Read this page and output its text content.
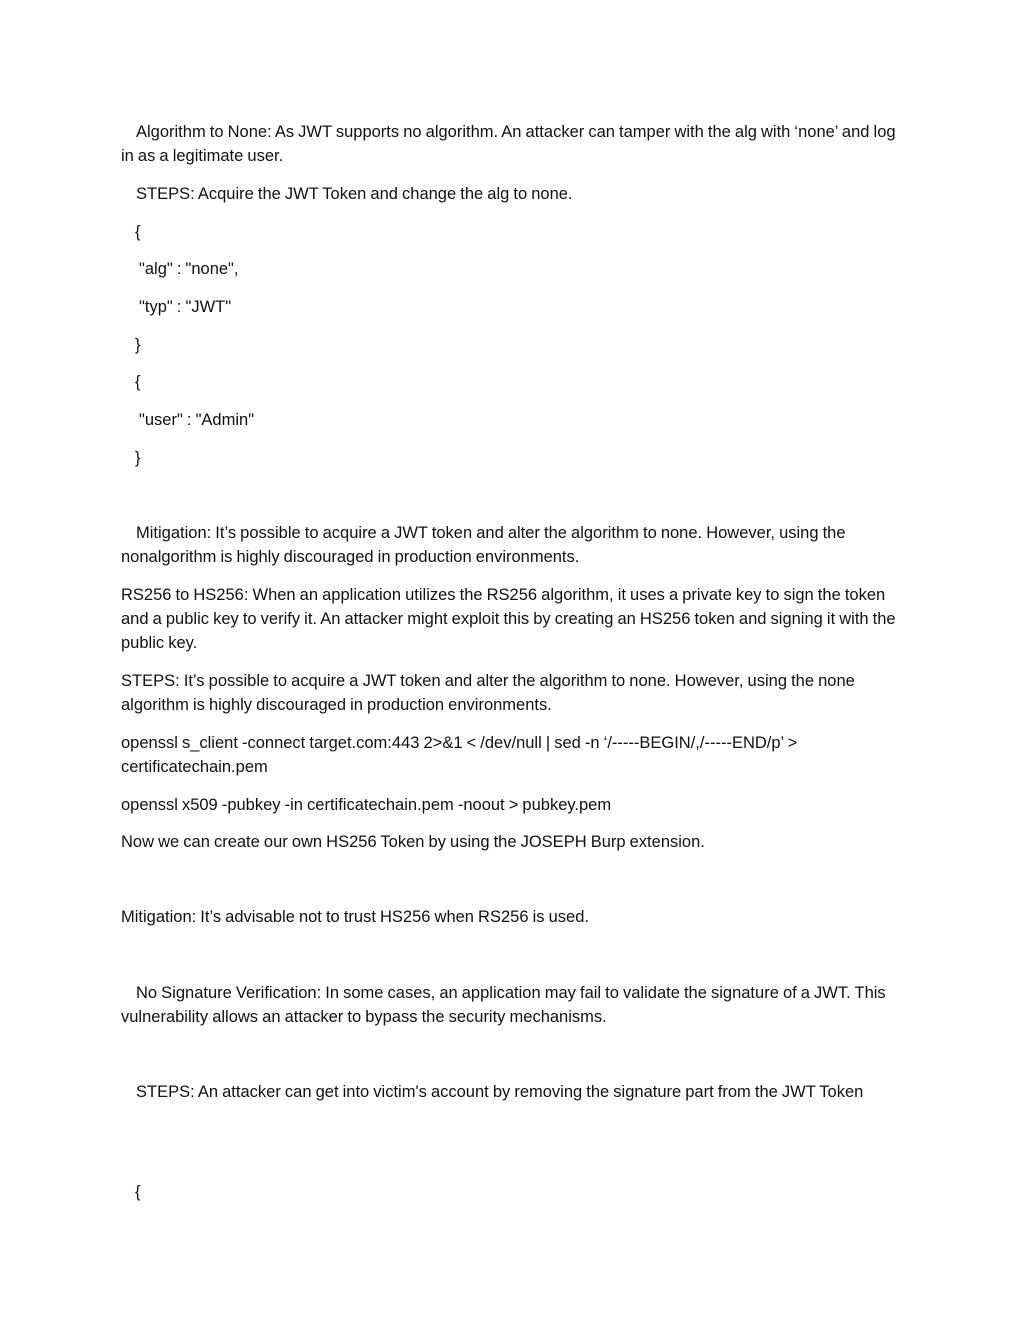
Algorithm to None: As JWT supports no algorithm. An attacker can tamper with the alg with ‘none’ and log in as a legitimate user.

STEPS: Acquire the JWT Token and change the alg to none.

{

"alg" : "none",

"typ" : "JWT"

}

{

"user" : "Admin"

}

Mitigation: It’s possible to acquire a JWT token and alter the algorithm to none. However, using the nonalgorithm is highly discouraged in production environments.

RS256 to HS256: When an application utilizes the RS256 algorithm, it uses a private key to sign the token and a public key to verify it. An attacker might exploit this by creating an HS256 token and signing it with the public key.

STEPS: It’s possible to acquire a JWT token and alter the algorithm to none. However, using the none algorithm is highly discouraged in production environments.

openssl s_client -connect target.com:443 2>&1 < /dev/null | sed -n ‘/-----BEGIN/,/-----END/p’ > certificatechain.pem

openssl x509 -pubkey -in certificatechain.pem -noout > pubkey.pem

Now we can create our own HS256 Token by using the JOSEPH Burp extension.

Mitigation: It’s advisable not to trust HS256 when RS256 is used.

No Signature Verification: In some cases, an application may fail to validate the signature of a JWT. This vulnerability allows an attacker to bypass the security mechanisms.

STEPS: An attacker can get into victim's account by removing the signature part from the JWT Token

{
